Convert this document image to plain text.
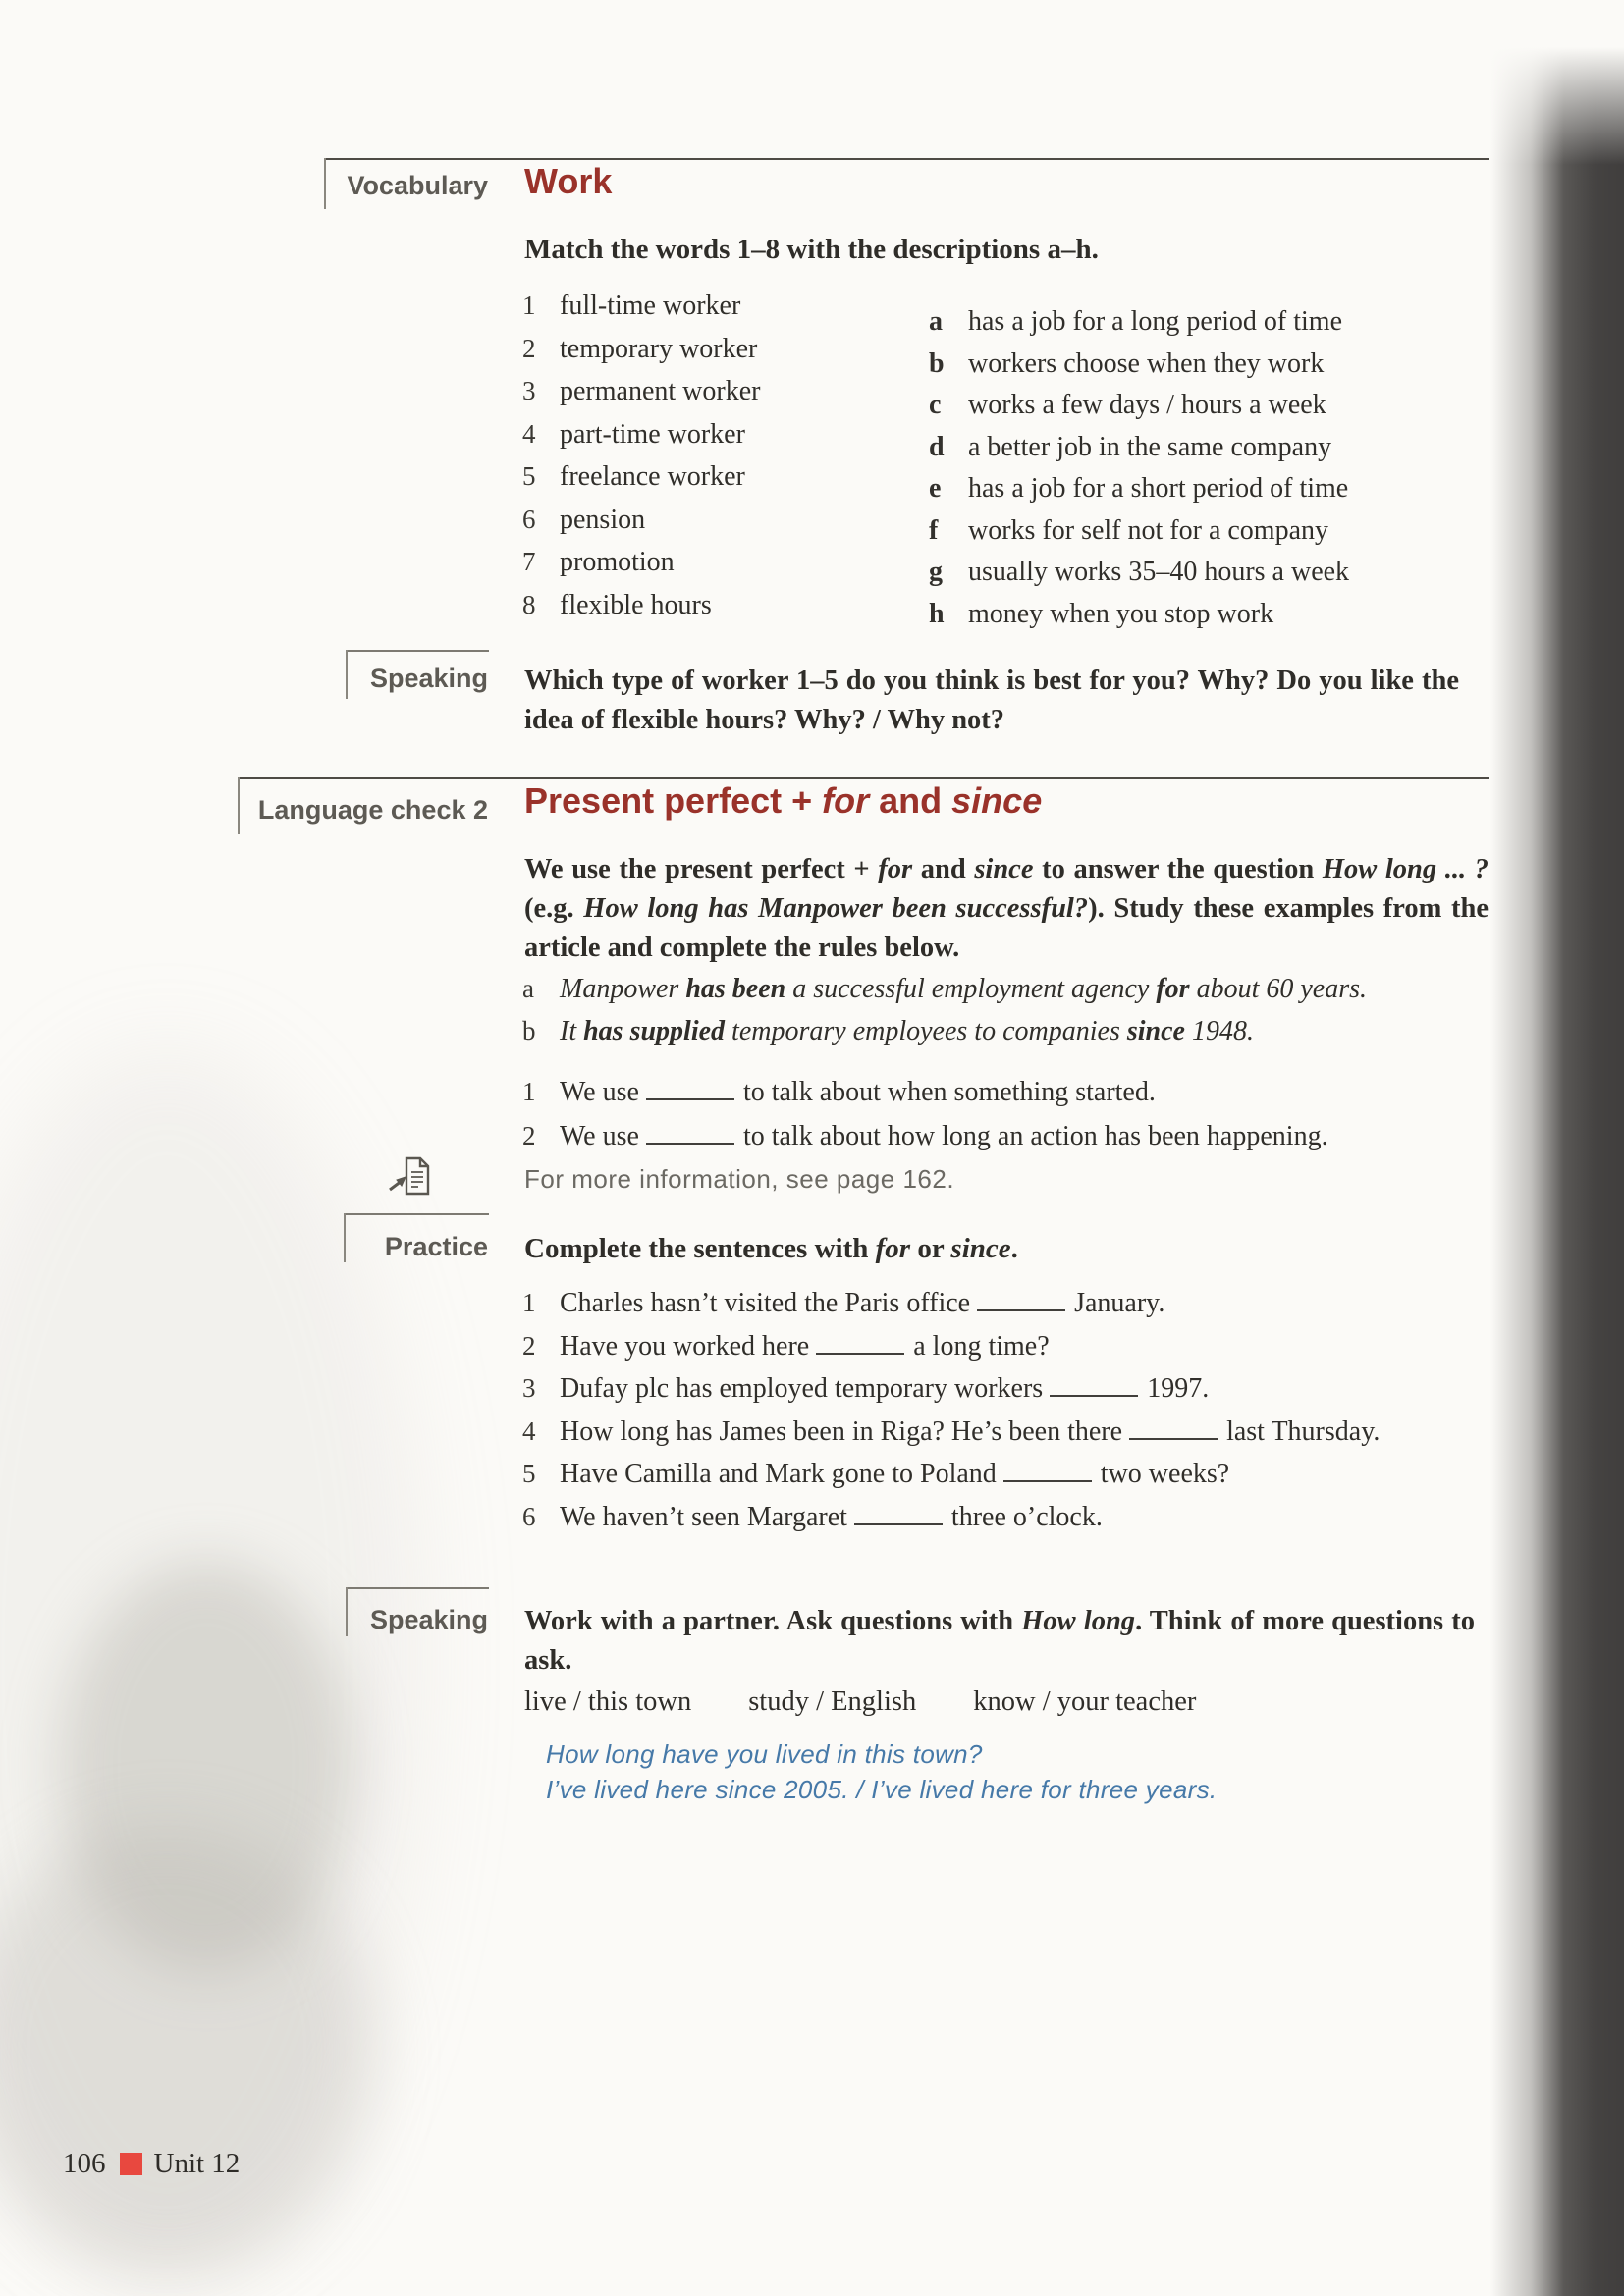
Vocabulary Work
Match the words 1–8 with the descriptions a–h.
1 full-time worker
2 temporary worker
3 permanent worker
4 part-time worker
5 freelance worker
6 pension
7 promotion
8 flexible hours
a has a job for a long period of time
b workers choose when they work
c works a few days / hours a week
d a better job in the same company
e has a job for a short period of time
f	works for self not for a company
g usually works 35–40 hours a week
h money when you stop work
Speaking Which type of worker 1–5 do you think is best for you? Why? Do you like the idea of flexible hours? Why? / Why not?
Language check 2 Present perfect + for and since
We use the present perfect + for and since to answer the question How long ... ? (e.g. How long has Manpower been successful?). Study these examples from the article and complete the rules below.
a Manpower has been a successful employment agency for about 60 years.
b It has supplied temporary employees to companies since 1948.
1 We use	to talk about when something started.
2 We use	to talk about how long an action has been happening.
For more information, see page 162.
Practice Complete the sentences with for or since.
1 Charles hasn’t visited the Paris office	January.
2 Have you worked here	a long time?
3 Dufay plc has employed temporary workers	1997.
4 How long has James been in Riga? He’s been there	last Thursday.
5 Have Camilla and Mark gone to Poland	two weeks?
6 We haven’t seen Margaret	three o’clock.
Speaking Work with a partner. Ask questions with How long. Think of more questions to ask.
live / this town study / English know / your teacher
How long have you lived in this town?
I’ve lived here since 2005. / I’ve lived here for three years.
106 Unit 12
